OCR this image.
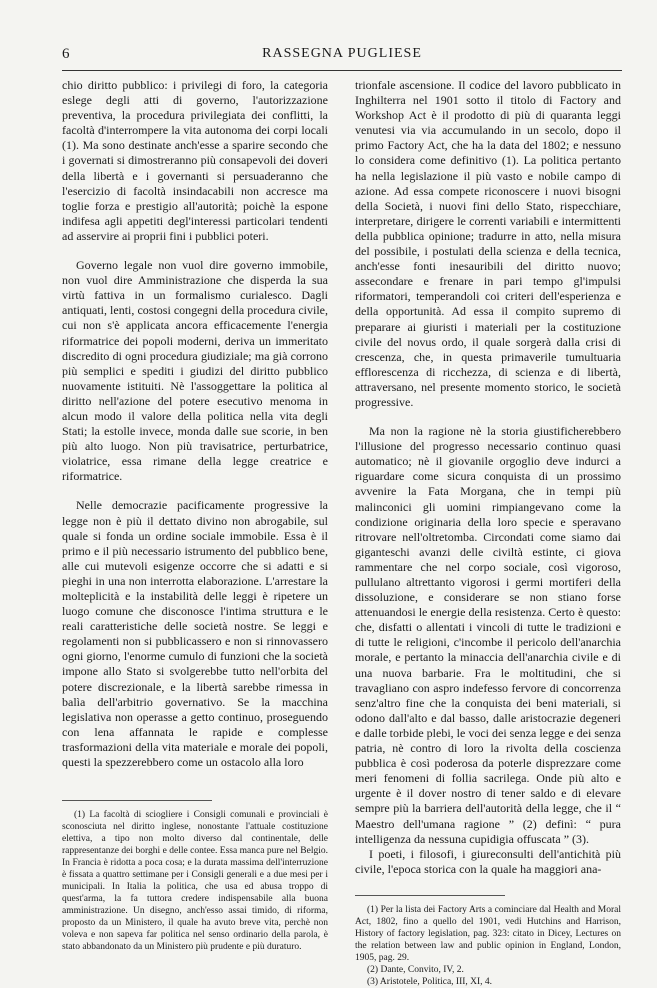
6	RASSEGNA PUGLIESE

chio diritto pubblico: i privilegi di foro, la categoria eslege degli atti di governo, l'autorizzazione preventiva, la procedura privilegiata dei conflitti, la facoltà d'interrompere la vita autonoma dei corpi locali (1). Ma sono destinate anch'esse a sparire secondo che i governati si dimostreranno più consapevoli dei doveri della libertà e i governanti si persuaderanno che l'esercizio di facoltà insindacabili non accresce ma toglie forza e prestigio all'autorità; poichè la espone indifesa agli appetiti degl'interessi particolari tendenti ad asservire ai proprii fini i pubblici poteri.

Governo legale non vuol dire governo immobile, non vuol dire Amministrazione che disperda la sua virtù fattiva in un formalismo curialesco. Dagli antiquati, lenti, costosi congegni della procedura civile, cui non s'è applicata ancora efficacemente l'energia riformatrice dei popoli moderni, deriva un immeritato discredito di ogni procedura giudiziale; ma già corrono più semplici e spediti i giudizi del diritto pubblico nuovamente istituiti. Nè l'assoggettare la politica al diritto nell'azione del potere esecutivo menoma in alcun modo il valore della politica nella vita degli Stati; la estolle invece, monda dalle sue scorie, in ben più alto luogo. Non più travisatrice, perturbatrice, violatrice, essa rimane della legge creatrice e riformatrice.

Nelle democrazie pacificamente progressive la legge non è più il dettato divino non abrogabile, sul quale si fonda un ordine sociale immobile. Essa è il primo e il più necessario istrumento del pubblico bene, alle cui mutevoli esigenze occorre che si adatti e si pieghi in una non interrotta elaborazione. L'arrestare la molteplicità e la instabilità delle leggi è ripetere un luogo comune che disconosce l'intima struttura e le reali caratteristiche delle società nostre. Se leggi e regolamenti non si pubblicassero e non si rinnovassero ogni giorno, l'enorme cumulo di funzioni che la società impone allo Stato si svolgerebbe tutto nell'orbita del potere discrezionale, e la libertà sarebbe rimessa in balìa dell'arbitrio governativo. Se la macchina legislativa non operasse a getto continuo, proseguendo con lena affannata le rapide e complesse trasformazioni della vita materiale e morale dei popoli, questi la spezzerebbero come un ostacolo alla loro

(1) La facoltà di sciogliere i Consigli comunali e provinciali è sconosciuta nel diritto inglese, nonostante l'attuale costituzione elettiva, a tipo non molto diverso dal continentale, delle rappresentanze dei borghi e delle contee. Essa manca pure nel Belgio. In Francia è ridotta a poca cosa; e la durata massima dell'interruzione è fissata a quattro settimane per i Consigli generali e a due mesi per i municipali. In Italia la politica, che usa ed abusa troppo di quest'arma, la fa tuttora credere indispensabile alla buona amministrazione. Un disegno, anch'esso assai timido, di riforma, proposto da un Ministero, il quale ha avuto breve vita, perchè non voleva e non sapeva far politica nel senso ordinario della parola, è stato abbandonato da un Ministero più prudente e più duraturo.

trionfale ascensione. Il codice del lavoro pubblicato in Inghilterra nel 1901 sotto il titolo di Factory and Workshop Act è il prodotto di più di quaranta leggi venutesi via via accumulando in un secolo, dopo il primo Factory Act, che ha la data del 1802; e nessuno lo considera come definitivo (1). La politica pertanto ha nella legislazione il più vasto e nobile campo di azione. Ad essa compete riconoscere i nuovi bisogni della Società, i nuovi fini dello Stato, rispecchiare, interpretare, dirigere le correnti variabili e intermittenti della pubblica opinione; tradurre in atto, nella misura del possibile, i postulati della scienza e della tecnica, anch'esse fonti inesauribili del diritto nuovo; assecondare e frenare in pari tempo gl'impulsi riformatori, temperandoli coi criteri dell'esperienza e della opportunità. Ad essa il compito supremo di preparare ai giuristi i materiali per la costituzione civile del novus ordo, il quale sorgerà dalla crisi di crescenza, che, in questa primaverile tumultuaria efflorescenza di ricchezza, di scienza e di libertà, attraversano, nel presente momento storico, le società progressive.

Ma non la ragione nè la storia giustificherebbero l'illusione del progresso necessario continuo quasi automatico; nè il giovanile orgoglio deve indurci a riguardare come sicura conquista di un prossimo avvenire la Fata Morgana, che in tempi più malinconici gli uomini rimpiangevano come la condizione originaria della loro specie e speravano ritrovare nell'oltretomba. Circondati come siamo dai giganteschi avanzi delle civiltà estinte, ci giova rammentare che nel corpo sociale, così vigoroso, pullulano altrettanto vigorosi i germi mortiferi della dissoluzione, e considerare se non stiano forse attenuandosi le energie della resistenza. Certo è questo: che, disfatti o allentati i vincoli di tutte le tradizioni e di tutte le religioni, c'incombe il pericolo dell'anarchia morale, e pertanto la minaccia dell'anarchia civile e di una nuova barbarie. Fra le moltitudini, che si travagliano con aspro indefesso fervore di concorrenza senz'altro fine che la conquista dei beni materiali, si odono dall'alto e dal basso, dalle aristocrazie degeneri e dalle torbide plebi, le voci dei senza legge e dei senza patria, nè contro di loro la rivolta della coscienza pubblica è così poderosa da poterle disprezzare come meri fenomeni di follia sacrilega. Onde più alto e urgente è il dover nostro di tener saldo e di elevare sempre più la barriera dell'autorità della legge, che il “ Maestro dell'umana ragione ” (2) definì: “ pura intelligenza da nessuna cupidigia offuscata ” (3).

I poeti, i filosofi, i giureconsulti dell'antichità più civile, l'epoca storica con la quale ha maggiori ana-

(1) Per la lista dei Factory Arts a cominciare dal Health and Moral Act, 1802, fino a quello del 1901, vedi Hutchins and Harrison, History of factory legislation, pag. 323: citato in Dicey, Lectures on the relation between law and public opinion in England, London, 1905, pag. 29.

(2) Dante, Convito, IV, 2.

(3) Aristotele, Politica, III, XI, 4.
